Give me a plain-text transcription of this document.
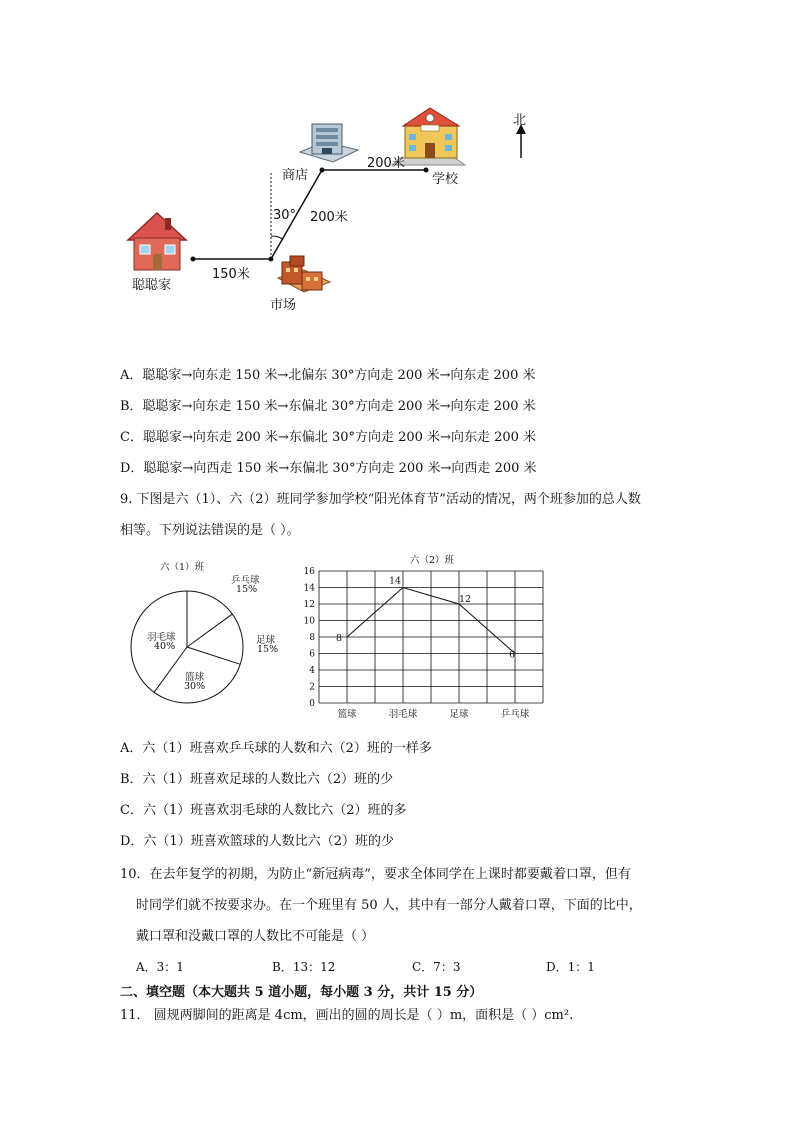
北
商店
200米
学校
30° 200米
150米
聪聪家
市场
A．聪聪家→向东走 150 米→北偏东 30°方向走 200 米→向东走 200 米
B．聪聪家→向东走 150 米→东偏北 30°方向走 200 米→向东走 200 米
C．聪聪家→向东走 200 米→东偏北 30°方向走 200 米→向东走 200 米
D．聪聪家→向西走 150 米→东偏北 30°方向走 200 米→向西走 200 米
9. 下图是六（1）、六（2）班同学参加学校“阳光体育节”活动的情况，两个班参加的总人数
相等。下列说法错误的是（ ）。
六（1）班
乒乓球
15%
羽毛球
40%
足球
15%
篮球
30%
六（2）班
0
2
4
6
8
10
12
14
16
篮球	羽毛球	足球	乒乓球
8
14
12
6
A．六（1）班喜欢乒乓球的人数和六（2）班的一样多
B．六（1）班喜欢足球的人数比六（2）班的少
C．六（1）班喜欢羽毛球的人数比六（2）班的多
D．六（1）班喜欢篮球的人数比六（2）班的少
10．在去年复学的初期，为防止“新冠病毒”，要求全体同学在上课时都要戴着口罩，但有
时同学们就不按要求办。在一个班里有 50 人，其中有一部分人戴着口罩，下面的比中，
戴口罩和没戴口罩的人数比不可能是（ ）
A．3：1	B．13：12	C．7：3	D．1：1
二、填空题（本大题共 5 道小题，每小题 3 分，共计 15 分）
11． 圆规两脚间的距离是 4cm，画出的圆的周长是（ ）m，面积是（ ）cm².
